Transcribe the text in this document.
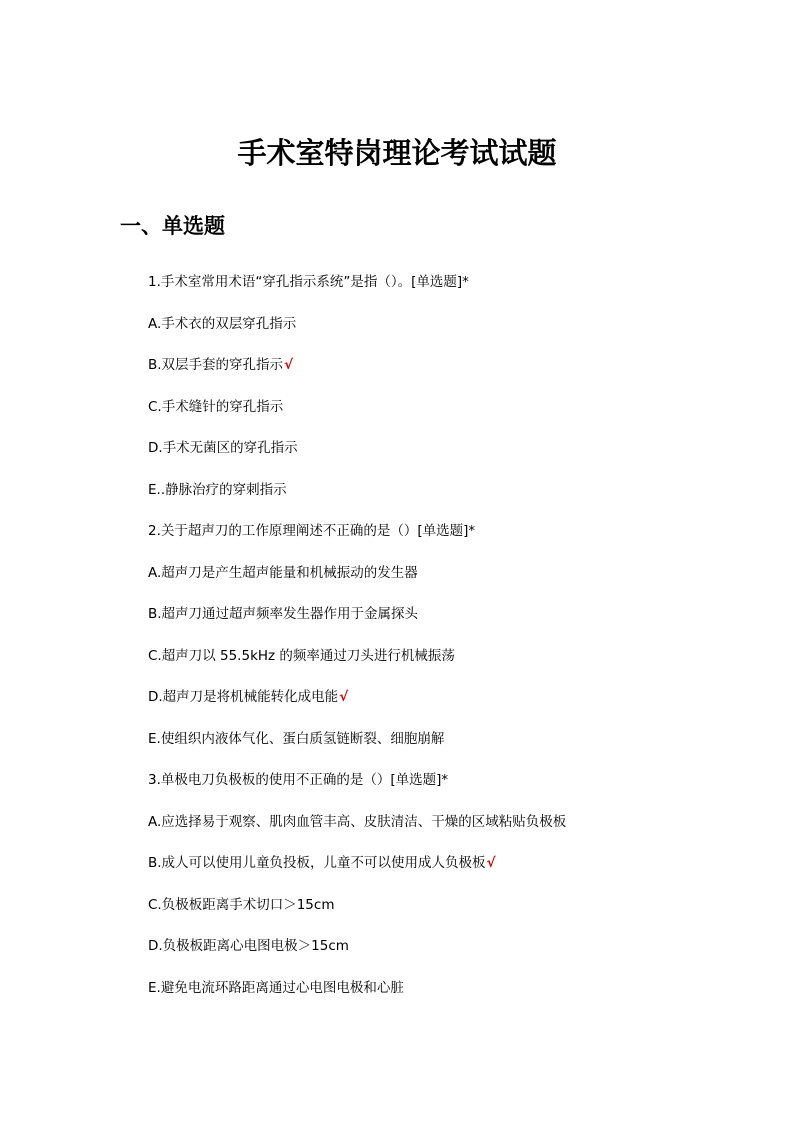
手术室特岗理论考试试题
一、单选题
1.手术室常用术语“穿孔指示系统”是指（）。[单选题]*
A.手术衣的双层穿孔指示
B.双层手套的穿孔指示√
C.手术缝针的穿孔指示
D.手术无菌区的穿孔指示
E..静脉治疗的穿刺指示
2.关于超声刀的工作原理阐述不正确的是（）[单选题]*
A.超声刀是产生超声能量和机械振动的发生器
B.超声刀通过超声频率发生器作用于金属探头
C.超声刀以 55.5kHz 的频率通过刀头进行机械振荡
D.超声刀是将机械能转化成电能√
E.使组织内液体气化、蛋白质氢链断裂、细胞崩解
3.单极电刀负极板的使用不正确的是（）[单选题]*
A.应选择易于观察、肌肉血管丰高、皮肤清洁、干燥的区域粘贴负极板
B.成人可以使用儿童负投板，儿童不可以使用成人负极板√
C.负极板距离手术切口＞15cm
D.负极板距离心电图电极＞15cm
E.避免电流环路距离通过心电图电极和心脏
